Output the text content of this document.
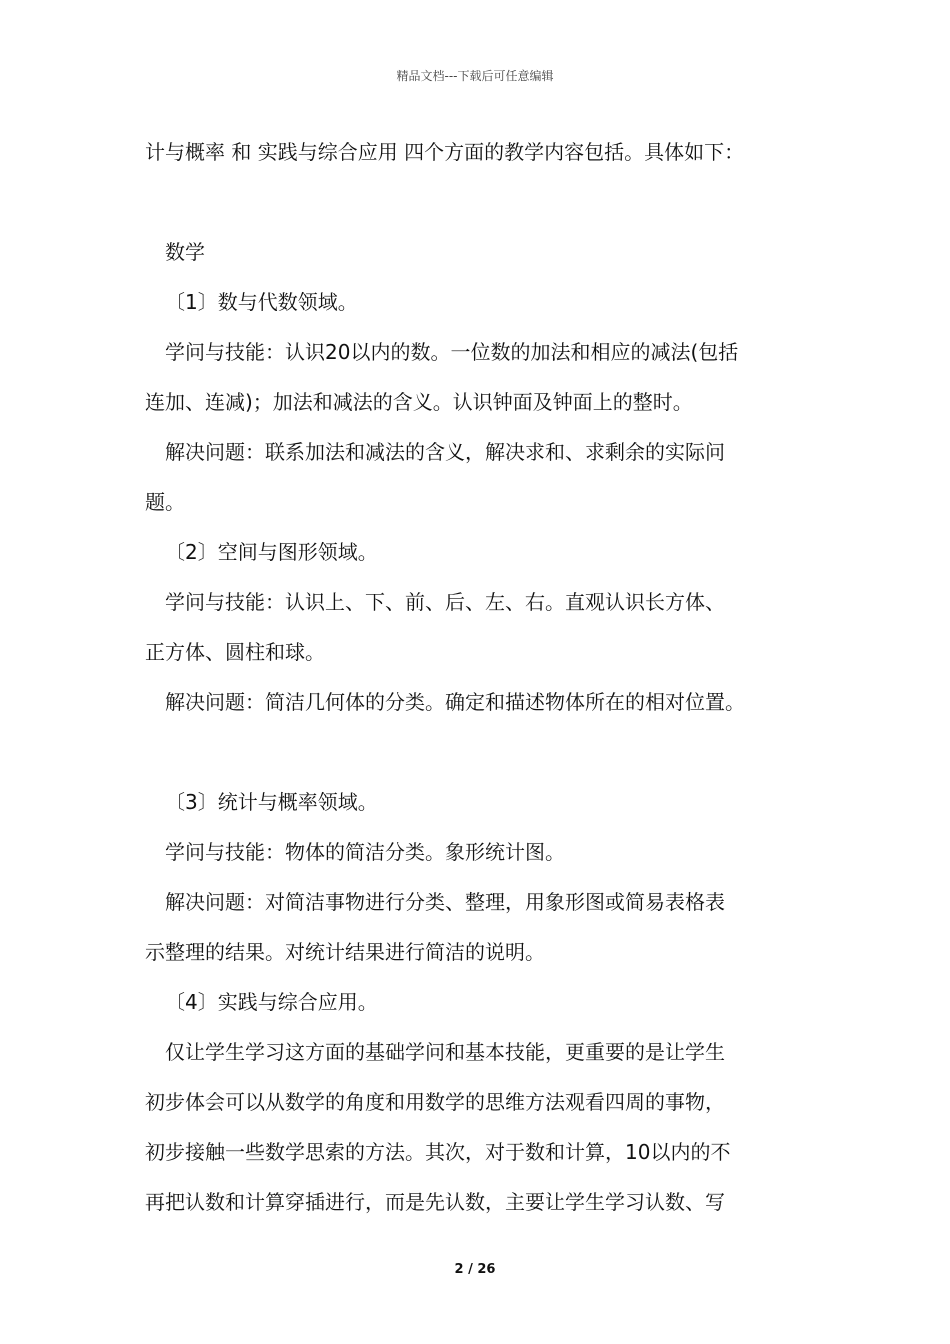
精品文档---下载后可任意编辑
计与概率 和 实践与综合应用 四个方面的教学内容包括。具体如下：
数学
〔1〕数与代数领域。
学问与技能：认识20以内的数。一位数的加法和相应的减法(包括
连加、连减)；加法和减法的含义。认识钟面及钟面上的整时。
解决问题：联系加法和减法的含义，解决求和、求剩余的实际问
题。
〔2〕空间与图形领域。
学问与技能：认识上、下、前、后、左、右。直观认识长方体、
正方体、圆柱和球。
解决问题：简洁几何体的分类。确定和描述物体所在的相对位置。
〔3〕统计与概率领域。
学问与技能：物体的简洁分类。象形统计图。
解决问题：对简洁事物进行分类、整理，用象形图或简易表格表
示整理的结果。对统计结果进行简洁的说明。
〔4〕实践与综合应用。
仅让学生学习这方面的基础学问和基本技能，更重要的是让学生
初步体会可以从数学的角度和用数学的思维方法观看四周的事物，
初步接触一些数学思索的方法。其次，对于数和计算，10以内的不
再把认数和计算穿插进行，而是先认数，主要让学生学习认数、写
2 / 26
